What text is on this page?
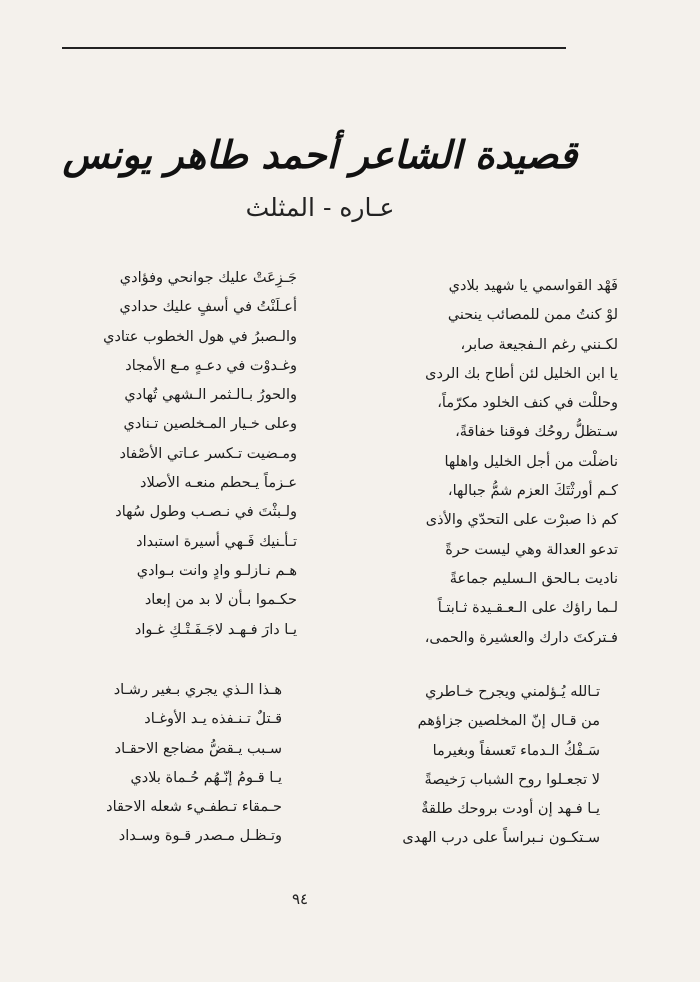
قصيدة الشاعر أحمد طاهر يونس
عـاره - المثلث
فَهْد القواسمي يا شهيد بلادي
لوْ كنتُ ممن للمصائب ينحني
لكـنني رغم الـفجيعة صابر،
يا ابن الخليل لئن أطاح بك الردى
وحللْت في كنف الخلود مكرّماً،
سـتظلُّ روحُك فوقنا خفاقةً،
ناضلْت من أجل الخليل واهلها
كـم أورثْتَكَ العزم شمُّ جبالها،
كم ذا صبرْت على التحدّي والأذى
تدعو العدالة وهي ليست حرةً
ناديت بـالحق الـسليم جماعةً
لـما راؤك على الـعـقـيدة ثـابتـاً
فـتركتَ دارك والعشيرة والحمى،
جَـزِعَتْ عليك جوانحي وفؤادي
أعـلَنْتُ في أسفٍ عليك حدادي
والـصبرُ في هول الخطوب عتادي
وغـدوْت في دعـهٍ مـع الأمجاد
والحورُ بـالـثمر الـشهي تُهادي
وعلى خـيار المـخلصين تـنادي
ومـضيت تـكسر عـاتي الأصْفاد
عـزماً يـحطم منعـه الأصلاد
ولـبثْتَ في نـصـب وطول سُهاد
تـأـنيك فَـهي أسيرة استبداد
هـم نـازلـو وادٍ وانت بـوادي
حكـموا بـأن لا بد من إبعاد
يـا دارَ فـهـد لاجَـفَـتْـكِ غـواد
تـالله يُـؤلمني ويجرح خـاطري
من قـال إنّ المخلصين جزاؤهم
سَـفْكُ الـدماء تَعسفاً وبغيرما
لا تجعـلوا روح الشباب رَخيصةً
يـا فـهد إن أودت بروحك طلقةٌ
سـتكـون نـبراساً على درب الهدى
هـذا الـذي يجري بـغير رشـاد
قـتلٌ تـنـفذه يـد الأوغـاد
سـبب يـقضُّ مضاجع الاحقـاد
يـا قـومُ إنّـهُم حُـماة بلادي
حـمقاء تـطفـيء شعله الاحقاد
وتـظـل مـصدر قـوة وسـداد
٩٤
